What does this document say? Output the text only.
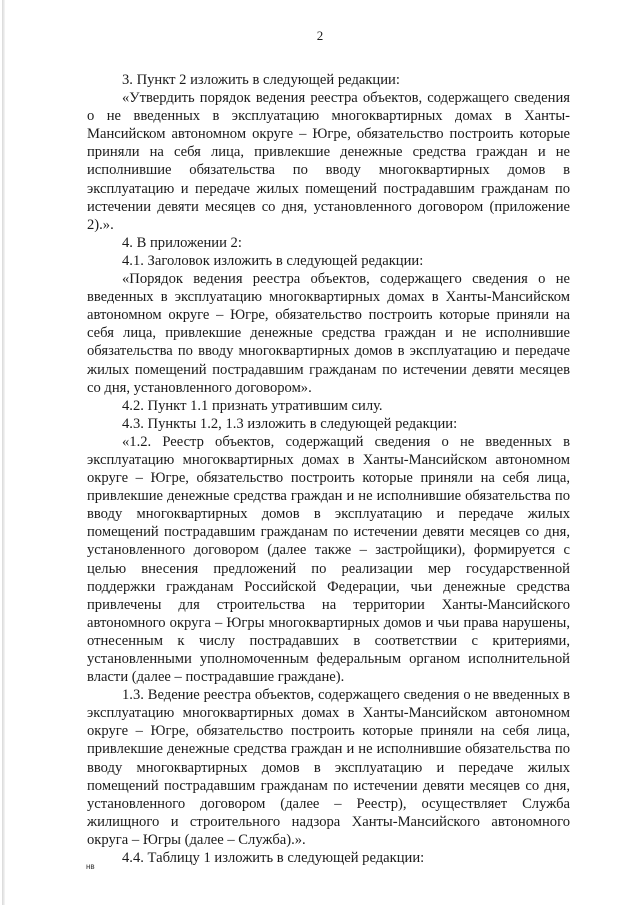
2

3. Пункт 2 изложить в следующей редакции:

«Утвердить порядок ведения реестра объектов, содержащего сведения о не введенных в эксплуатацию многоквартирных домах в Ханты-Мансийском автономном округе – Югре, обязательство построить которые приняли на себя лица, привлекшие денежные средства граждан и не исполнившие обязательства по вводу многоквартирных домов в эксплуатацию и передаче жилых помещений пострадавшим гражданам по истечении девяти месяцев со дня, установленного договором (приложение 2).».

4. В приложении 2:

4.1. Заголовок изложить в следующей редакции:

«Порядок ведения реестра объектов, содержащего сведения о не введенных в эксплуатацию многоквартирных домах в Ханты-Мансийском автономном округе – Югре, обязательство построить которые приняли на себя лица, привлекшие денежные средства граждан и не исполнившие обязательства по вводу многоквартирных домов в эксплуатацию и передаче жилых помещений пострадавшим гражданам по истечении девяти месяцев со дня, установленного договором».

4.2. Пункт 1.1 признать утратившим силу.

4.3. Пункты 1.2, 1.3 изложить в следующей редакции:

«1.2. Реестр объектов, содержащий сведения о не введенных в эксплуатацию многоквартирных домах в Ханты-Мансийском автономном округе – Югре, обязательство построить которые приняли на себя лица, привлекшие денежные средства граждан и не исполнившие обязательства по вводу многоквартирных домов в эксплуатацию и передаче жилых помещений пострадавшим гражданам по истечении девяти месяцев со дня, установленного договором (далее также – застройщики), формируется с целью внесения предложений по реализации мер государственной поддержки гражданам Российской Федерации, чьи денежные средства привлечены для строительства на территории Ханты-Мансийского автономного округа – Югры многоквартирных домов и чьи права нарушены, отнесенным к числу пострадавших в соответствии с критериями, установленными уполномоченным федеральным органом исполнительной власти (далее – пострадавшие граждане).

1.3. Ведение реестра объектов, содержащего сведения о не введенных в эксплуатацию многоквартирных домах в Ханты-Мансийском автономном округе – Югре, обязательство построить которые приняли на себя лица, привлекшие денежные средства граждан и не исполнившие обязательства по вводу многоквартирных домов в эксплуатацию и передаче жилых помещений пострадавшим гражданам по истечении девяти месяцев со дня, установленного договором (далее – Реестр), осуществляет Служба жилищного и строительного надзора Ханты-Мансийского автономного округа – Югры (далее – Служба).».

4.4. Таблицу 1 изложить в следующей редакции:

нв
